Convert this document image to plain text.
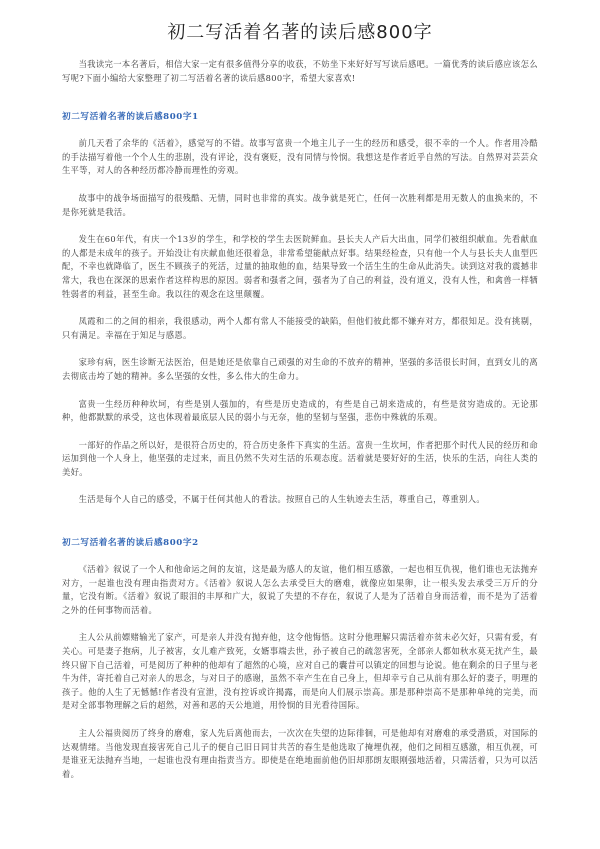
初二写活着名著的读后感800字

当我读完一本名著后，相信大家一定有很多值得分享的收获，不妨坐下来好好写写读后感吧。一篇优秀的读后感应该怎么写呢?下面小编给大家整理了初二写活着名著的读后感800字，希望大家喜欢!

初二写活着名著的读后感800字1

前几天看了余华的《活着》，感觉写的不错。故事写富贵一个地主儿子一生的经历和感受，很不幸的一个人。作者用冷酷的手法描写着他一个个人生的悲剧，没有评论，没有褒贬，没有同情与怜悯。我想这是作者近乎自然的写法。自然界对芸芸众生平等，对人的各种经历都冷静而理性的旁观。

故事中的战争场面描写的很残酷、无情，同时也非常的真实。战争就是死亡，任何一次胜利都是用无数人的血换来的，不是你死就是我活。

发生在60年代，有庆一个13岁的学生，和学校的学生去医院鲜血。县长夫人产后大出血，同学们被组织献血。先看献血的人都是未成年的孩子。开始没让有庆献血他还很着急，非常希望能献点好事。结果经检查，只有他一个人与县长夫人血型匹配，不幸也就降临了，医生不顾孩子的死活，过量的抽取他的血，结果导致一个活生生的生命从此消失。读到这对我的震撼非常大，我也在深深的思索作者这样构思的原因。弱者和强者之间，强者为了自己的利益，没有道义，没有人性，和禽兽一样牺牲弱者的利益，甚至生命。我以往的观念在这里颠覆。

凤霞和二的之间的相亲，我很感动，两个人都有常人不能接受的缺陷，但他们彼此都不嫌弃对方，都很知足。没有挑剔，只有满足。幸福在于知足与感恩。

家珍有病，医生诊断无法医治，但是她还是依靠自己顽强的对生命的不放弃的精神，坚强的多活很长时间，直到女儿的离去彻底击垮了她的精神。多么坚强的女性，多么伟大的生命力。

富贵一生经历种种坎坷，有些是别人强加的，有些是历史造成的，有些是自己胡来造成的，有些是贫穷造成的。无论那种，他都默默的承受，这也体现着最底层人民的弱小与无奈，他的坚韧与坚强，悲伤中殊就的乐观。

一部好的作品之所以好，是很符合历史的，符合历史条件下真实的生活。富贵一生坎坷，作者把那个时代人民的经历和命运加到他一个人身上，他坚强的走过来，而且仍然不失对生活的乐观态度。活着就是要好好的生活，快乐的生活，向往人类的美好。

生活是每个人自己的感受，不属于任何其他人的看法。按照自己的人生轨迹去生活，尊重自己，尊重别人。

初二写活着名著的读后感800字2

《活着》叙说了一个人和他命运之间的友谊，这是最为感人的友谊，他们相互感激，一起也相互仇视，他们谁也无法抛弃对方，一起谁也没有理由指责对方。《活着》叙说人怎么去承受巨大的磨难，就像应如果卵，让一根头发去承受三万斤的分量，它没有断。《活着》叙说了眼泪的丰厚和广大，叙说了失望的不存在，叙说了人是为了活着自身而活着，而不是为了活着之外的任何事物而活着。

主人公从前嫖赌输光了家产，可是亲人并没有抛弃他，这令他悔悟。这时分他理解只需活着亦贫未必欠好，只需有爱，有关心。可是妻子抱病，儿子被害，女儿难产致死，女婿事端去世，孙子被自己的疏忽害死，全部亲人都如秋水莫无扰产生，最终只留下自己活着，可是阅历了种种的他却有了超然的心境，应对自己的囊昔可以镇定的回想与论说。他在剩余的日子里与老牛为伴，寄托着自己对亲人的思念，与对日子的感谢，虽然不幸产生在自己身上，但却幸亏自己从前有那么好的妻子，明理的孩子。他的人生了无憾憾!作者没有宣泄，没有控诉或许揭露，而是向人们展示崇高。那是那种崇高不是那种单纯的完美，而是对全部事物理解之后的超然，对善和恶的天公地道，用怜悯的目光看待国际。

主人公福贵阅历了终身的磨难，家人先后离他而去，一次次在失望的边际徘徊，可是他却有对磨难的承受潜质，对国际的达观情绪。当他发现直接害死自己儿子的便自己旧日同甘共苦的春生是他选取了掩埋仇视，他们之间相互感激，相互仇视，可是谁亚无法抛弃当地，一起谁也没有理由指责当方。即使是在绝地面前他仍旧却那朗友眼刚强地活着，只需活着，只为可以活着。
